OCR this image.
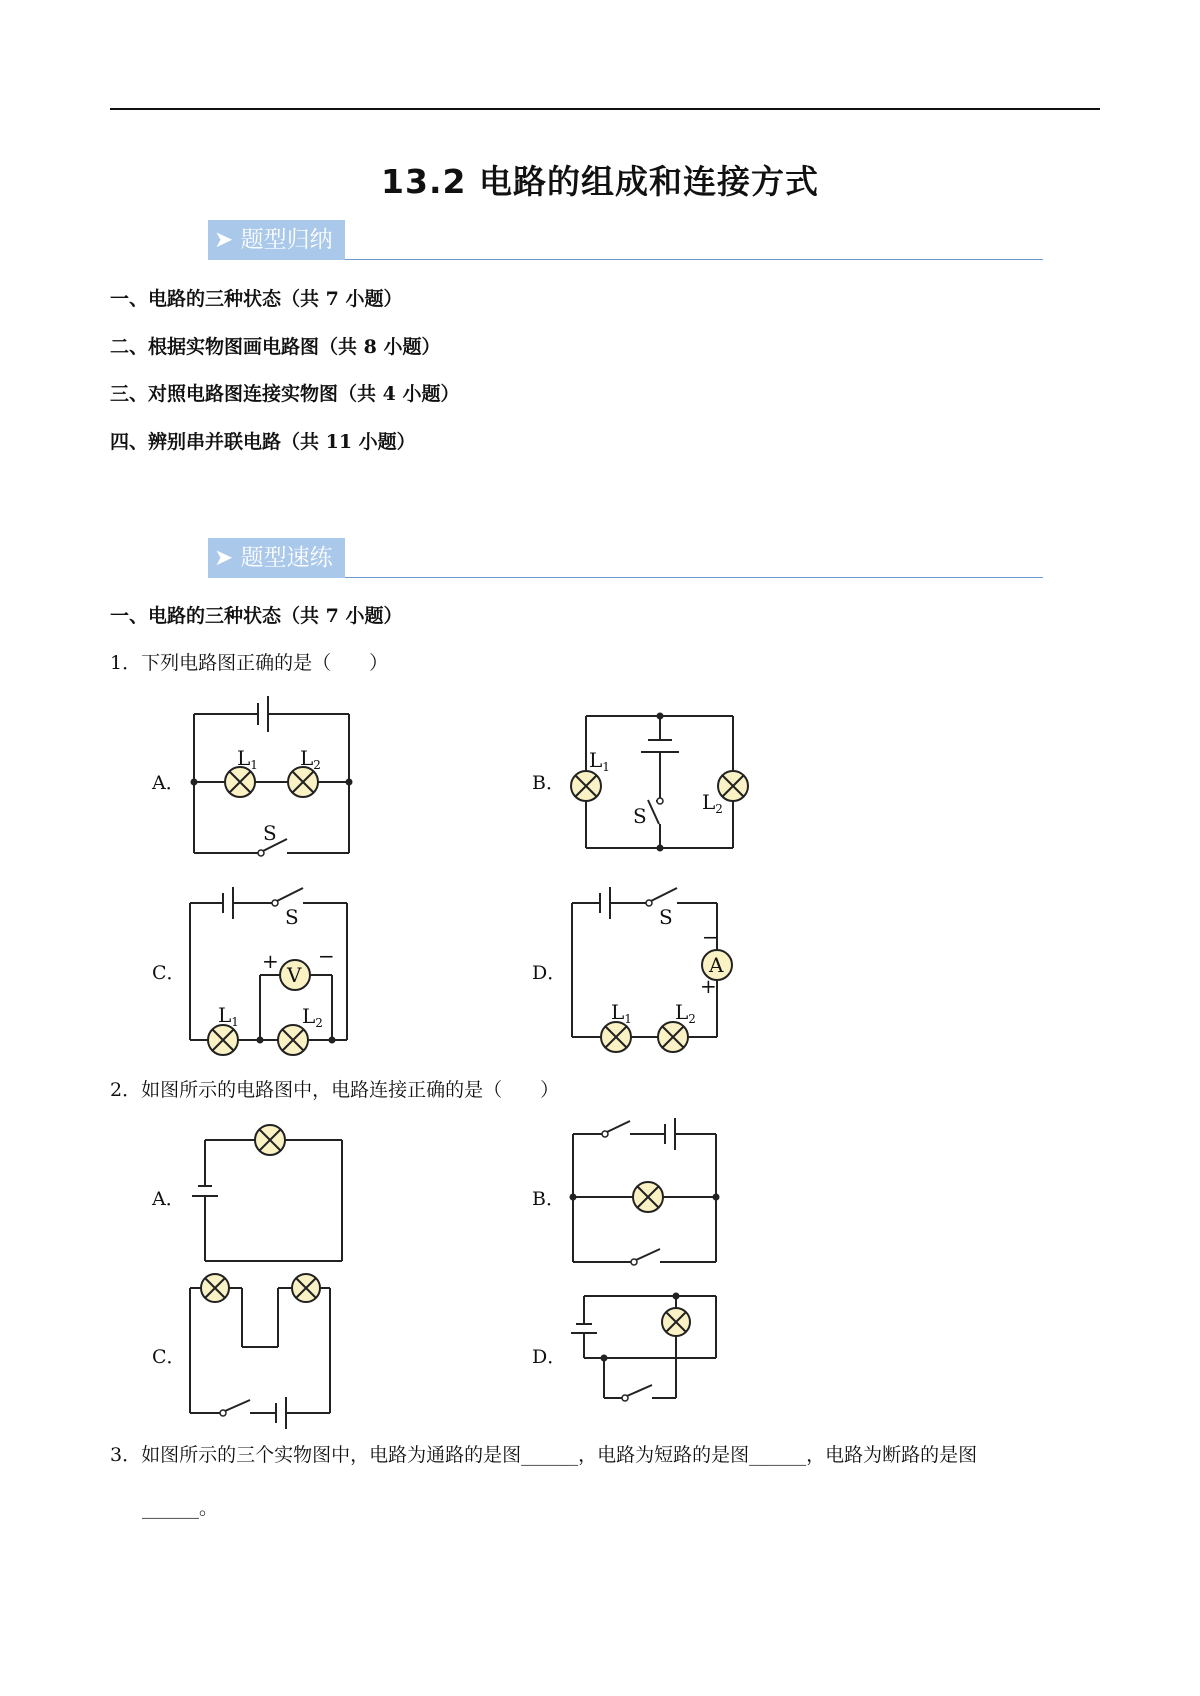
13.2 电路的组成和连接方式
➤ 题型归纳
一、电路的三种状态（共 7 小题）
二、根据实物图画电路图（共 8 小题）
三、对照电路图连接实物图（共 4 小题）
四、辨别串并联电路（共 11 小题）
➤ 题型速练
一、电路的三种状态（共 7 小题）
1．下列电路图正确的是（　　）
A．	B．
C．	D．
$L_1$ $L_2$
S
$L_1$
$L_2$
S
S
$L_1$	$L_2$
+ −
V
S
$L_1$ $L_2$
−
+
A
2．如图所示的电路图中，电路连接正确的是（　　）
A．	B．
C．	D．
3．如图所示的三个实物图中，电路为通路的是图______，电路为短路的是图______，电路为断路的是图
______。
